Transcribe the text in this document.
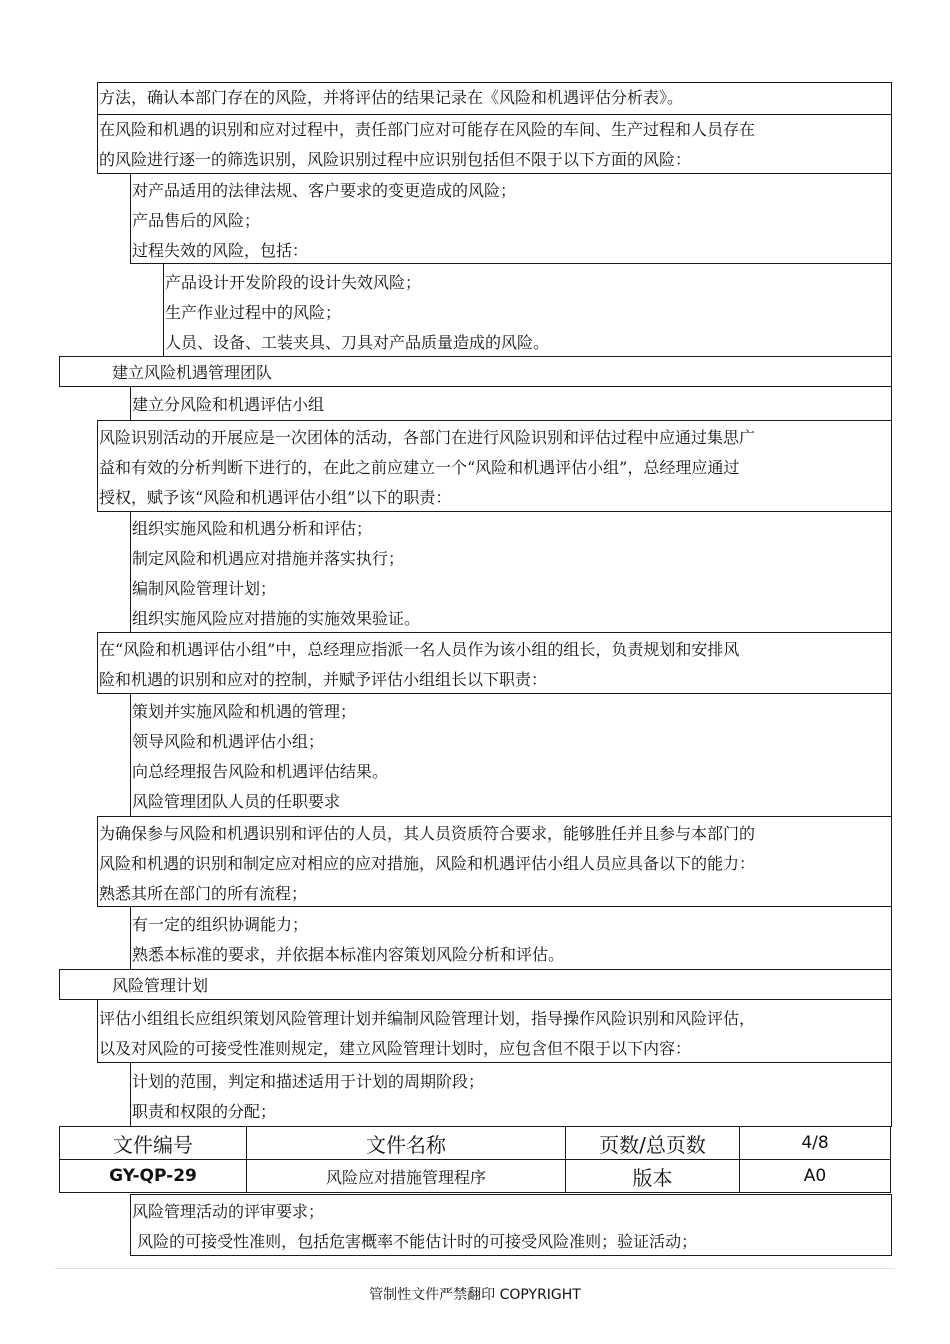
方法，确认本部门存在的风险，并将评估的结果记录在《风险和机遇评估分析表》。
在风险和机遇的识别和应对过程中，责任部门应对可能存在风险的车间、生产过程和人员存在
的风险进行逐一的筛选识别，风险识别过程中应识别包括但不限于以下方面的风险：
对产品适用的法律法规、客户要求的变更造成的风险；
产品售后的风险；
过程失效的风险，包括：
产品设计开发阶段的设计失效风险；
生产作业过程中的风险；
人员、设备、工装夹具、刀具对产品质量造成的风险。
建立风险机遇管理团队
建立分风险和机遇评估小组
风险识别活动的开展应是一次团体的活动，各部门在进行风险识别和评估过程中应通过集思广
益和有效的分析判断下进行的，在此之前应建立一个“风险和机遇评估小组”，总经理应通过
授权，赋予该“风险和机遇评估小组”以下的职责：
组织实施风险和机遇分析和评估；
制定风险和机遇应对措施并落实执行；
编制风险管理计划；
组织实施风险应对措施的实施效果验证。
在“风险和机遇评估小组”中，总经理应指派一名人员作为该小组的组长，负责规划和安排风
险和机遇的识别和应对的控制，并赋予评估小组组长以下职责：
策划并实施风险和机遇的管理；
领导风险和机遇评估小组；
向总经理报告风险和机遇评估结果。
风险管理团队人员的任职要求
为确保参与风险和机遇识别和评估的人员，其人员资质符合要求，能够胜任并且参与本部门的
风险和机遇的识别和制定应对相应的应对措施，风险和机遇评估小组人员应具备以下的能力：
熟悉其所在部门的所有流程；
有一定的组织协调能力；
熟悉本标准的要求，并依据本标准内容策划风险分析和评估。
风险管理计划
评估小组组长应组织策划风险管理计划并编制风险管理计划，指导操作风险识别和风险评估，
以及对风险的可接受性准则规定，建立风险管理计划时，应包含但不限于以下内容：
计划的范围，判定和描述适用于计划的周期阶段；
职责和权限的分配；
文件编号	文件名称	页数/总页数	4/8
GY-QP-29	风险应对措施管理程序	版本	A0
风险管理活动的评审要求；
风险的可接受性准则，包括危害概率不能估计时的可接受风险准则；验证活动；
管制性文件严禁翻印 COPYRIGHT
